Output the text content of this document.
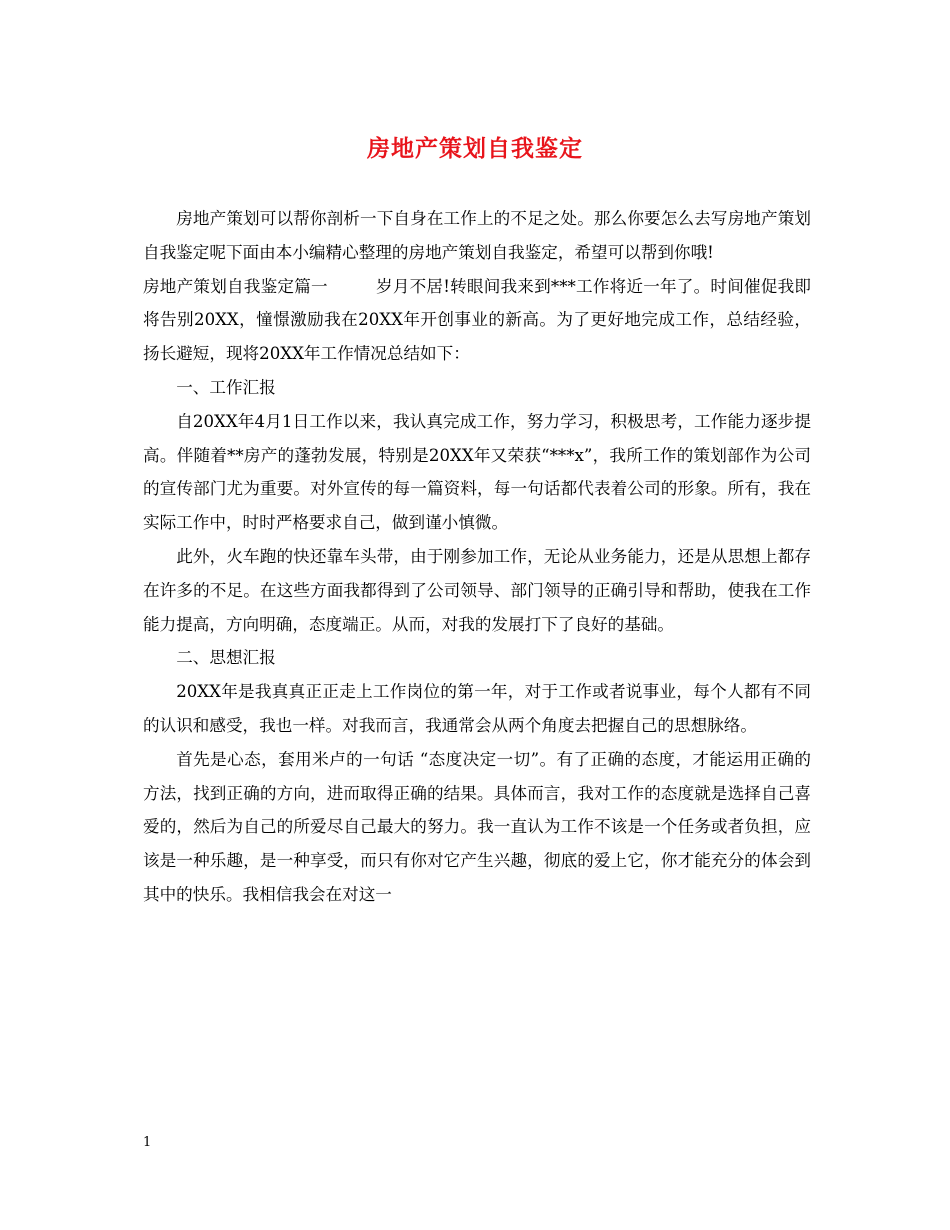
房地产策划自我鉴定

房地产策划可以帮你剖析一下自身在工作上的不足之处。那么你要怎么去写房地产策划自我鉴定呢下面由本小编精心整理的房地产策划自我鉴定，希望可以帮到你哦!

房地产策划自我鉴定篇一	岁月不居!转眼间我来到***工作将近一年了。时间催促我即将告别20XX，憧憬激励我在20XX年开创事业的新高。为了更好地完成工作，总结经验，扬长避短，现将20XX年工作情况总结如下：

一、工作汇报

自20XX年4月1日工作以来，我认真完成工作，努力学习，积极思考，工作能力逐步提高。伴随着**房产的蓬勃发展，特别是20XX年又荣获“***x”，我所工作的策划部作为公司的宣传部门尤为重要。对外宣传的每一篇资料，每一句话都代表着公司的形象。所有，我在实际工作中，时时严格要求自己，做到谨小慎微。

此外，火车跑的快还靠车头带，由于刚参加工作，无论从业务能力，还是从思想上都存在许多的不足。在这些方面我都得到了公司领导、部门领导的正确引导和帮助，使我在工作能力提高，方向明确，态度端正。从而，对我的发展打下了良好的基础。

二、思想汇报

20XX年是我真真正正走上工作岗位的第一年，对于工作或者说事业，每个人都有不同的认识和感受，我也一样。对我而言，我通常会从两个角度去把握自己的思想脉络。

首先是心态，套用米卢的一句话 “态度决定一切”。有了正确的态度，才能运用正确的方法，找到正确的方向，进而取得正确的结果。具体而言，我对工作的态度就是选择自己喜爱的，然后为自己的所爱尽自己最大的努力。我一直认为工作不该是一个任务或者负担，应该是一种乐趣，是一种享受，而只有你对它产生兴趣，彻底的爱上它，你才能充分的体会到其中的快乐。我相信我会在对这一

1
